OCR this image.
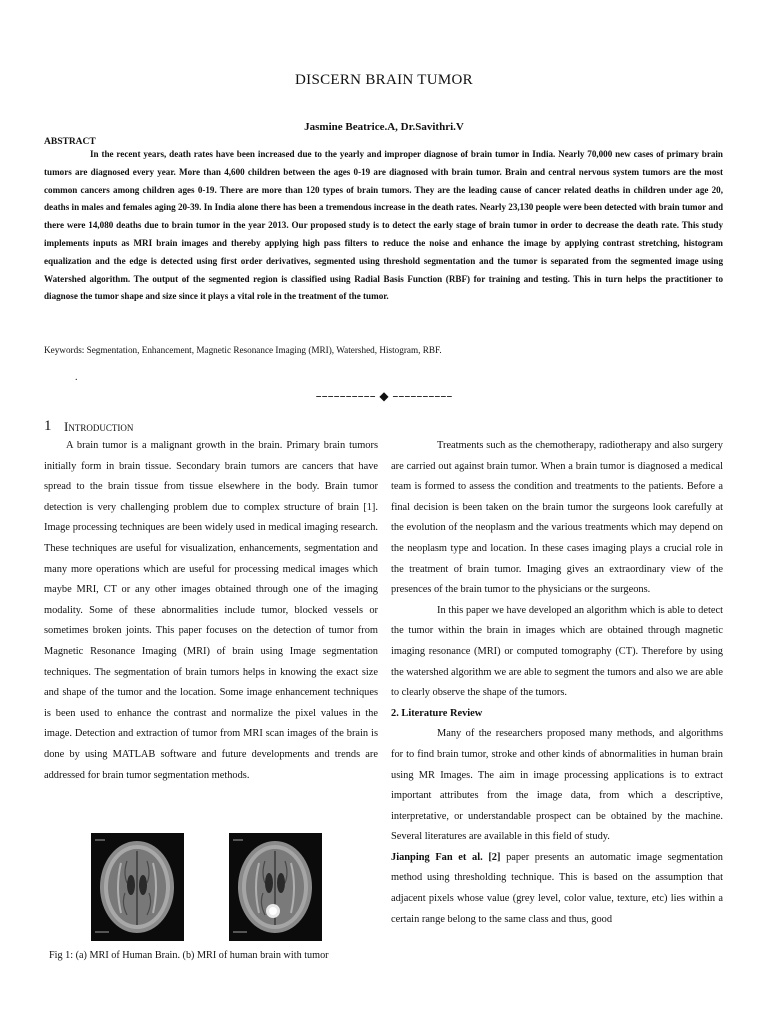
DISCERN BRAIN TUMOR
Jasmine Beatrice.A, Dr.Savithri.V
ABSTRACT

In the recent years, death rates have been increased due to the yearly and improper diagnose of brain tumor in India. Nearly 70,000 new cases of primary brain tumors are diagnosed every year. More than 4,600 children between the ages 0-19 are diagnosed with brain tumor. Brain and central nervous system tumors are the most common cancers among children ages 0-19. There are more than 120 types of brain tumors. They are the leading cause of cancer related deaths in children under age 20, deaths in males and females aging 20-39. In India alone there has been a tremendous increase in the death rates. Nearly 23,130 people were been detected with brain tumor and there were 14,080 deaths due to brain tumor in the year 2013. Our proposed study is to detect the early stage of brain tumor in order to decrease the death rate. This study implements inputs as MRI brain images and thereby applying high pass filters to reduce the noise and enhance the image by applying contrast stretching, histogram equalization and the edge is detected using first order derivatives, segmented using threshold segmentation and the tumor is separated from the segmented image using Watershed algorithm. The output of the segmented region is classified using Radial Basis Function (RBF) for training and testing. This in turn helps the practitioner to diagnose the tumor shape and size since it plays a vital role in the treatment of the tumor.

Keywords: Segmentation, Enhancement, Magnetic Resonance Imaging (MRI), Watershed, Histogram, RBF.
.
–––––––––– ◆ ––––––––––
1 Introduction

A brain tumor is a malignant growth in the brain. Primary brain tumors initially form in brain tissue. Secondary brain tumors are cancers that have spread to the brain tissue from tissue elsewhere in the body. Brain tumor detection is very challenging problem due to complex structure of brain [1]. Image processing techniques are been widely used in medical imaging research. These techniques are useful for visualization, enhancements, segmentation and many more operations which are useful for processing medical images which maybe MRI, CT or any other images obtained through one of the imaging modality. Some of these abnormalities include tumor, blocked vessels or sometimes broken joints. This paper focuses on the detection of tumor from Magnetic Resonance Imaging (MRI) of brain using Image segmentation techniques. The segmentation of brain tumors helps in knowing the exact size and shape of the tumor and the location. Some image enhancement techniques is been used to enhance the contrast and normalize the pixel values in the image. Detection and extraction of tumor from MRI scan images of the brain is done by using MATLAB software and future developments and trends are addressed for brain tumor segmentation methods.

Treatments such as the chemotherapy, radiotherapy and also surgery are carried out against brain tumor. When a brain tumor is diagnosed a medical team is formed to assess the condition and treatments to the patients. Before a final decision is been taken on the brain tumor the surgeons look carefully at the evolution of the neoplasm and the various treatments which may depend on the neoplasm type and location. In these cases imaging plays a crucial role in the treatment of brain tumor. Imaging gives an extraordinary view of the presences of the brain tumor to the physicians or the surgeons.

In this paper we have developed an algorithm which is able to detect the tumor within the brain in images which are obtained through magnetic imaging resonance (MRI) or computed tomography (CT). Therefore by using the watershed algorithm we are able to segment the tumors and also we are able to clearly observe the shape of the tumors.

2. Literature Review

Many of the researchers proposed many methods, and algorithms for to find brain tumor, stroke and other kinds of abnormalities in human brain using MR Images. The aim in image processing applications is to extract important attributes from the image data, from which a descriptive, interpretative, or understandable prospect can be obtained by the machine. Several literatures are available in this field of study.

Jianping Fan et al. [2] paper presents an automatic image segmentation method using thresholding technique. This is based on the assumption that adjacent pixels whose value (grey level, color value, texture, etc) lies within a certain range belong to the same class and thus, good

Fig 1: (a) MRI of Human Brain. (b) MRI of human brain with tumor
